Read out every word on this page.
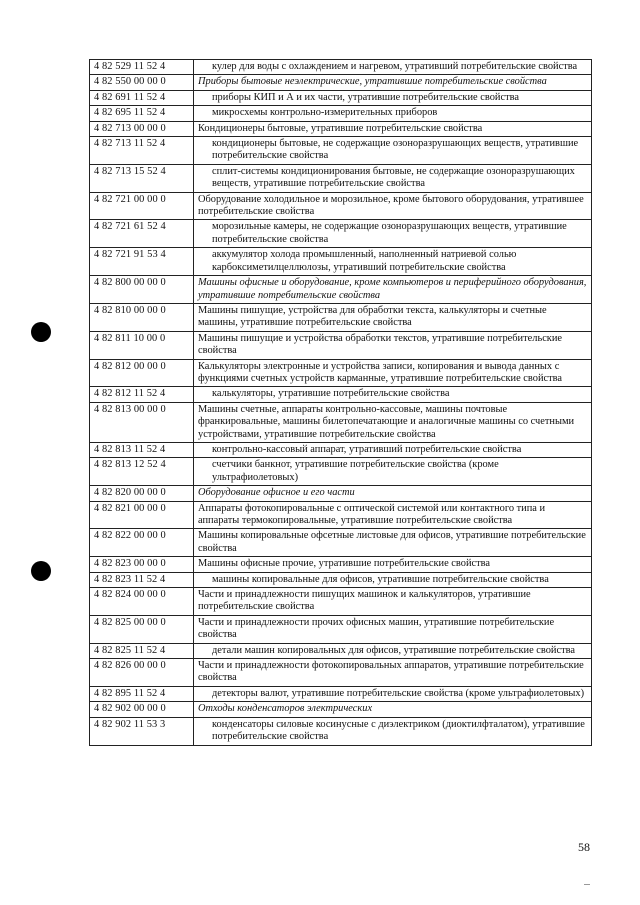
4 82 529 11 52 4	кулер для воды с охлаждением и нагревом, утративший потребительские свойства
4 82 550 00 00 0	Приборы бытовые неэлектрические, утратившие потребительские свойства
4 82 691 11 52 4	приборы КИП и А и их части, утратившие потребительские свойства
4 82 695 11 52 4	микросхемы контрольно-измерительных приборов
4 82 713 00 00 0	Кондиционеры бытовые, утратившие потребительские свойства
4 82 713 11 52 4	кондиционеры бытовые, не содержащие озоноразрушающих веществ, утратившие потребительские свойства
4 82 713 15 52 4	сплит-системы кондиционирования бытовые, не содержащие озоноразрушающих веществ, утратившие потребительские свойства
4 82 721 00 00 0	Оборудование холодильное и морозильное, кроме бытового оборудования, утратившее потребительские свойства
4 82 721 61 52 4	морозильные камеры, не содержащие озоноразрушающих веществ, утратившие потребительские свойства
4 82 721 91 53 4	аккумулятор холода промышленный, наполненный натриевой солью карбоксиметилцеллюлозы, утративший потребительские свойства
4 82 800 00 00 0	Машины офисные и оборудование, кроме компьютеров и периферийного оборудования, утратившие потребительские свойства
4 82 810 00 00 0	Машины пишущие, устройства для обработки текста, калькуляторы и счетные машины, утратившие потребительские свойства
4 82 811 10 00 0	Машины пишущие и устройства обработки текстов, утратившие потребительские свойства
4 82 812 00 00 0	Калькуляторы электронные и устройства записи, копирования и вывода данных с функциями счетных устройств карманные, утратившие потребительские свойства
4 82 812 11 52 4	калькуляторы, утратившие потребительские свойства
4 82 813 00 00 0	Машины счетные, аппараты контрольно-кассовые, машины почтовые франкировальные, машины билетопечатающие и аналогичные машины со счетными устройствами, утратившие потребительские свойства
4 82 813 11 52 4	контрольно-кассовый аппарат, утративший потребительские свойства
4 82 813 12 52 4	счетчики банкнот, утратившие потребительские свойства (кроме ультрафиолетовых)
4 82 820 00 00 0	Оборудование офисное и его части
4 82 821 00 00 0	Аппараты фотокопировальные с оптической системой или контактного типа и аппараты термокопировальные, утратившие потребительские свойства
4 82 822 00 00 0	Машины копировальные офсетные листовые для офисов, утратившие потребительские свойства
4 82 823 00 00 0	Машины офисные прочие, утратившие потребительские свойства
4 82 823 11 52 4	машины копировальные для офисов, утратившие потребительские свойства
4 82 824 00 00 0	Части и принадлежности пишущих машинок и калькуляторов, утратившие потребительские свойства
4 82 825 00 00 0	Части и принадлежности прочих офисных машин, утратившие потребительские свойства
4 82 825 11 52 4	детали машин копировальных для офисов, утратившие потребительские свойства
4 82 826 00 00 0	Части и принадлежности фотокопировальных аппаратов, утратившие потребительские свойства
4 82 895 11 52 4	детекторы валют, утратившие потребительские свойства (кроме ультрафиолетовых)
4 82 902 00 00 0	Отходы конденсаторов электрических
4 82 902 11 53 3	конденсаторы силовые косинусные с диэлектриком (диоктилфталатом), утратившие потребительские свойства
58
